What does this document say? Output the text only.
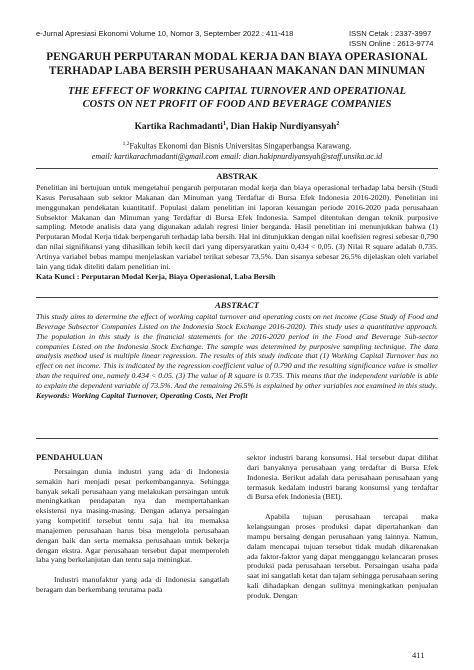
e-Jurnal Apresiasi Ekonomi Volume 10, Nomor 3, September 2022 : 411-418	ISSN Cetak : 2337-3997
ISSN Online : 2613-9774
PENGARUH PERPUTARAN MODAL KERJA DAN BIAYA OPERASIONAL
TERHADAP LABA BERSIH PERUSAHAAN MAKANAN DAN MINUMAN
THE EFFECT OF WORKING CAPITAL TURNOVER AND OPERATIONAL
COSTS ON NET PROFIT OF FOOD AND BEVERAGE COMPANIES
Kartika Rachmadanti$^1$, Dian Hakip Nurdiyansyah$^2$
$^{1,2}$Fakultas Ekonomi dan Bisnis Universitas Singaperbangsa Karawang.
email: kartikarachmadanti@gmail.com email: dian.hakipnurdiyansyah@staff.unsika.ac.id
ABSTRAK

Penelitian ini bertujuan untuk mengetahui pengaruh perputaran modal kerja dan biaya operasional terhadap laba bersih (Studi Kasus Perusahaan sub sektor Makanan dan Minuman yang Terdaftar di Bursa Efek Indonesia 2016-2020). Penelitian ini menggunakan pendekatan kuantitatif. Populasi dalam penelitian ini laporan keuangan periode 2016-2020 pada perusahaan Subsektor Makanan dan Minuman yang Terdaftar di Bursa Efek Indonesia. Sampel ditentukan dengan teknik purposive sampling. Metode analisis data yang digunakan adalah regresi linier berganda. Hasil penelitian ini menunjukkan bahwa (1) Perputaran Modal Kerja tidak berpengaruh terhadap laba bersih. Hal ini ditunjukkan dengan nilai koefisien regresi sebesar 0,790 dan nilai signifikansi yang dihasilkan lebih kecil dari yang dipersyaratkan yaitu 0,434 < 0,05. (3) Nilai R square adalah 0,735. Artinya variabel bebas mampu menjelaskan variabel terikat sebesar 73,5%. Dan sisanya sebesar 26,5% dijelaskan oleh variabel lain yang tidak diteliti dalam penelitian ini.

Kata Kunci : Perputaran Modal Kerja, Biaya Operasional, Laba Bersih

ABSTRACT

This study aims to determine the effect of working capital turnover and operating costs on net income (Case Study of Food and Beverage Subsector Companies Listed on the Indonesia Stock Exchange 2016-2020). This study uses a quantitative approach. The population in this study is the financial statements for the 2016-2020 period in the Food and Beverage Sub-sector companies Listed on the Indonesia Stock Exchange. The sample was determined by purposive sampling technique. The data analysis method used is multiple linear regression. The results of this study indicate that (1) Working Capital Turnover has no effect on net income. This is indicated by the regression coefficient value of 0.790 and the resulting significance value is smaller than the required one, namely 0.434 < 0.05. (3) The value of R square is 0.735. This means that the independent variable is able to explain the dependent variable of 73.5%. And the remaining 26.5% is explained by other variables not examined in this study.

Keywords: Working Capital Turnover, Operating Costs, Net Profit

PENDAHULUAN

Persaingan dunia industri yang ada di Indonesia semakin hari menjadi pesat perkembangannya. Sehingga banyak sekali perusahaan yang melakukan persaingan untuk meningkatkan pendapatan nya dan mempertahankan eksistensi nya masing-masing. Dengan adanya persaingan yang kompetitif tersebut tentu saja hal itu memaksa manajemen perusahaan harus bisa mengelola perusahaan dengan baik dan serta memaksa perusahaan untuk bekerja dengan ekstra. Agar perusahaan tersebut dapat memperoleh laba yang berkelanjutan dan tentu saja meningkat.

Industri manufaktur yang ada di Indonesia sangatlah beragam dan berkembang terutama pada

sektor industri barang konsumsi. Hal tersebut dapat dilihat dari banyaknya perusahaan yang terdaftar di Bursa Efek Indonesia. Berikut adalah data perusahaan perusahaan yang termasuk kedalam industri barang konsumsi yang terdaftar di Bursa efek Indonesia (BEI).

Apabila tujuan perusahaan tercapai maka kelangsungan proses produksi dapat dipertahankan dan mampu bersaing dengan perusahaan yang lainnya. Namun, dalam mencapai tujuan tersebut tidak mudah dikarenakan ada faktor-faktor yang dapat mengganggu kelancaran proses produksi pada perusahaan tersebut. Persaingan usaha pada saat ini sangatlah ketat dan tajam sehingga perusahaan sering kali dihadapkan dengan sulitnya meningkatkan penjualan produk. Dengan

411
